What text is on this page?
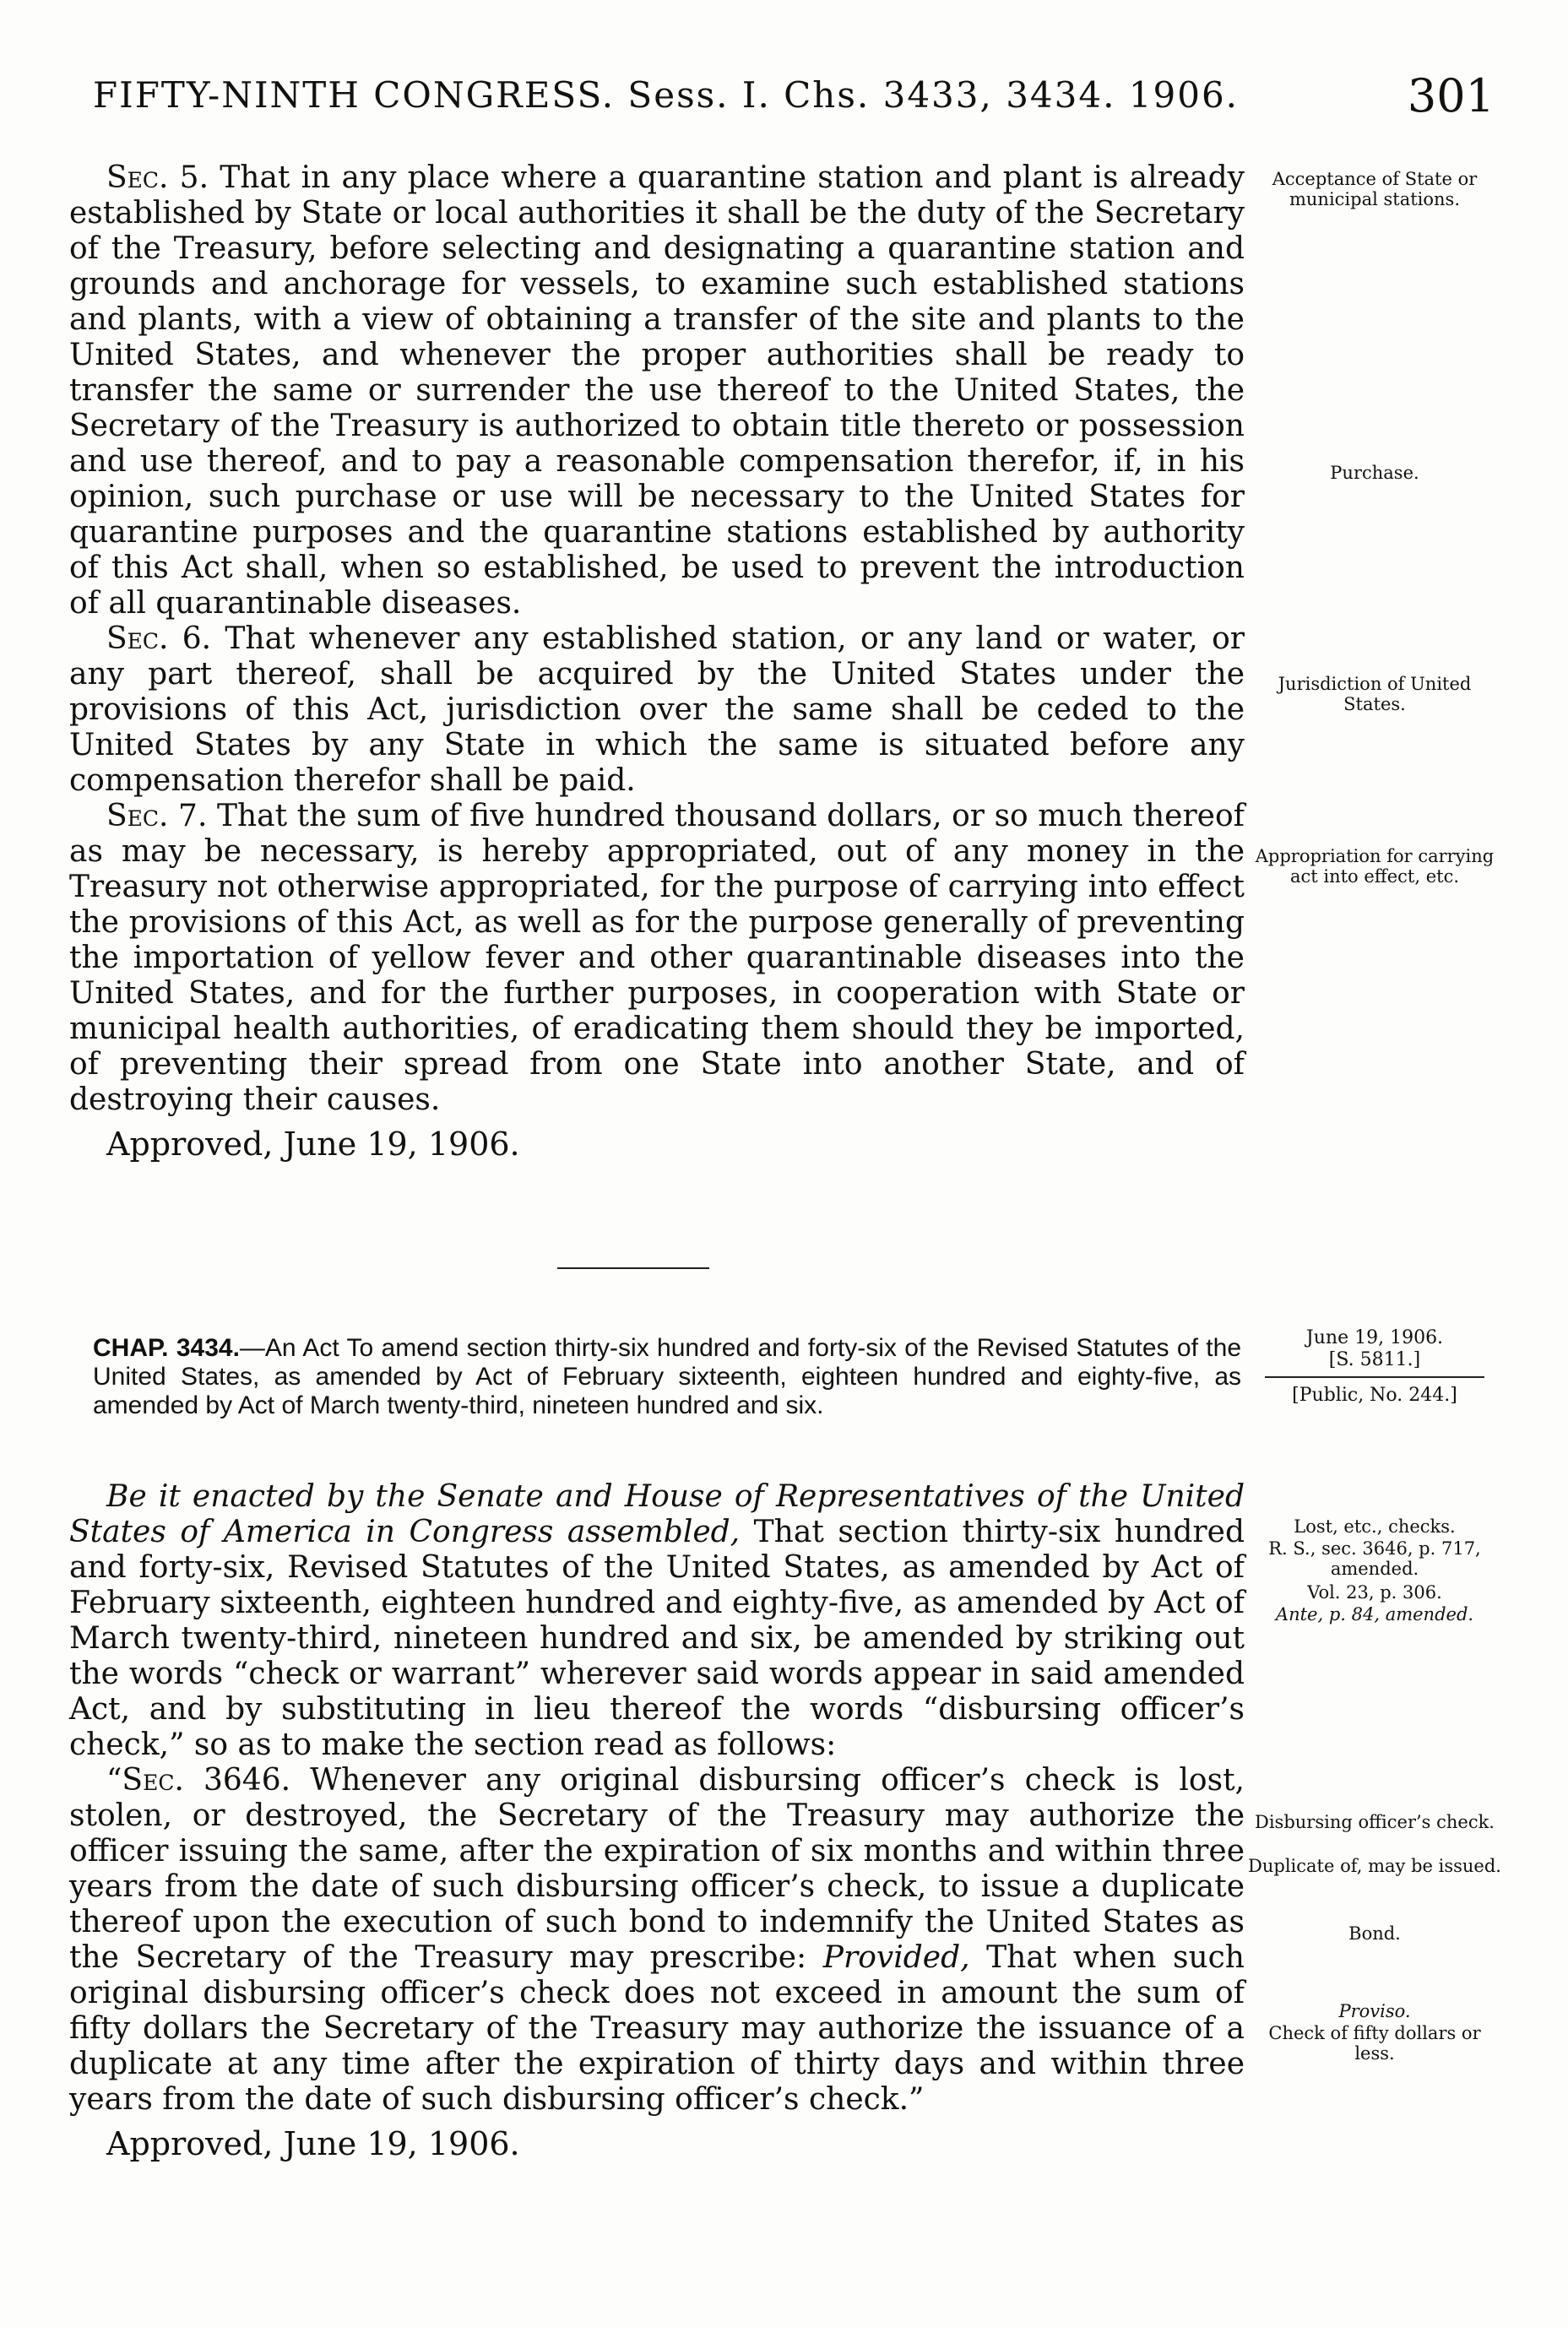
FIFTY-NINTH CONGRESS. Sess. I. Chs. 3433, 3434. 1906.	301

Sec. 5. That in any place where a quarantine station and plant is already established by State or local authorities it shall be the duty of the Secretary of the Treasury, before selecting and designating a quarantine station and grounds and anchorage for vessels, to examine such established stations and plants, with a view of obtaining a transfer of the site and plants to the United States, and whenever the proper authorities shall be ready to transfer the same or surrender the use thereof to the United States, the Secretary of the Treasury is authorized to obtain title thereto or possession and use thereof, and to pay a reasonable compensation therefor, if, in his opinion, such purchase or use will be necessary to the United States for quarantine purposes and the quarantine stations established by authority of this Act shall, when so established, be used to prevent the introduction of all quarantinable diseases.

Sec. 6. That whenever any established station, or any land or water, or any part thereof, shall be acquired by the United States under the provisions of this Act, jurisdiction over the same shall be ceded to the United States by any State in which the same is situated before any compensation therefor shall be paid.

Sec. 7. That the sum of five hundred thousand dollars, or so much thereof as may be necessary, is hereby appropriated, out of any money in the Treasury not otherwise appropriated, for the purpose of carrying into effect the provisions of this Act, as well as for the purpose generally of preventing the importation of yellow fever and other quarantinable diseases into the United States, and for the further purposes, in cooperation with State or municipal health authorities, of eradicating them should they be imported, of preventing their spread from one State into another State, and of destroying their causes.

Approved, June 19, 1906.

Acceptance of State or municipal stations.
Purchase.
Jurisdiction of United States.
Appropriation for carrying act into effect, etc.
CHAP. 3434.—An Act To amend section thirty-six hundred and forty-six of the Revised Statutes of the United States, as amended by Act of February sixteenth, eighteen hundred and eighty-five, as amended by Act of March twenty-third, nineteen hundred and six.
June 19, 1906.
[S. 5811.]
[Public, No. 244.]

Be it enacted by the Senate and House of Representatives of the United States of America in Congress assembled, That section thirty-six hundred and forty-six, Revised Statutes of the United States, as amended by Act of February sixteenth, eighteen hundred and eighty-five, as amended by Act of March twenty-third, nineteen hundred and six, be amended by striking out the words “check or warrant” wherever said words appear in said amended Act, and by substituting in lieu thereof the words “disbursing officer’s check,” so as to make the section read as follows:

“Sec. 3646. Whenever any original disbursing officer’s check is lost, stolen, or destroyed, the Secretary of the Treasury may authorize the officer issuing the same, after the expiration of six months and within three years from the date of such disbursing officer’s check, to issue a duplicate thereof upon the execution of such bond to indemnify the United States as the Secretary of the Treasury may prescribe: Provided, That when such original disbursing officer’s check does not exceed in amount the sum of fifty dollars the Secretary of the Treasury may authorize the issuance of a duplicate at any time after the expiration of thirty days and within three years from the date of such disbursing officer’s check.”

Approved, June 19, 1906.

Lost, etc., checks.
R. S., sec. 3646, p. 717, amended.
Vol. 23, p. 306.
Ante, p. 84, amended.
Disbursing officer’s check.
Duplicate of, may be issued.
Bond.
Proviso.
Check of fifty dollars or less.
